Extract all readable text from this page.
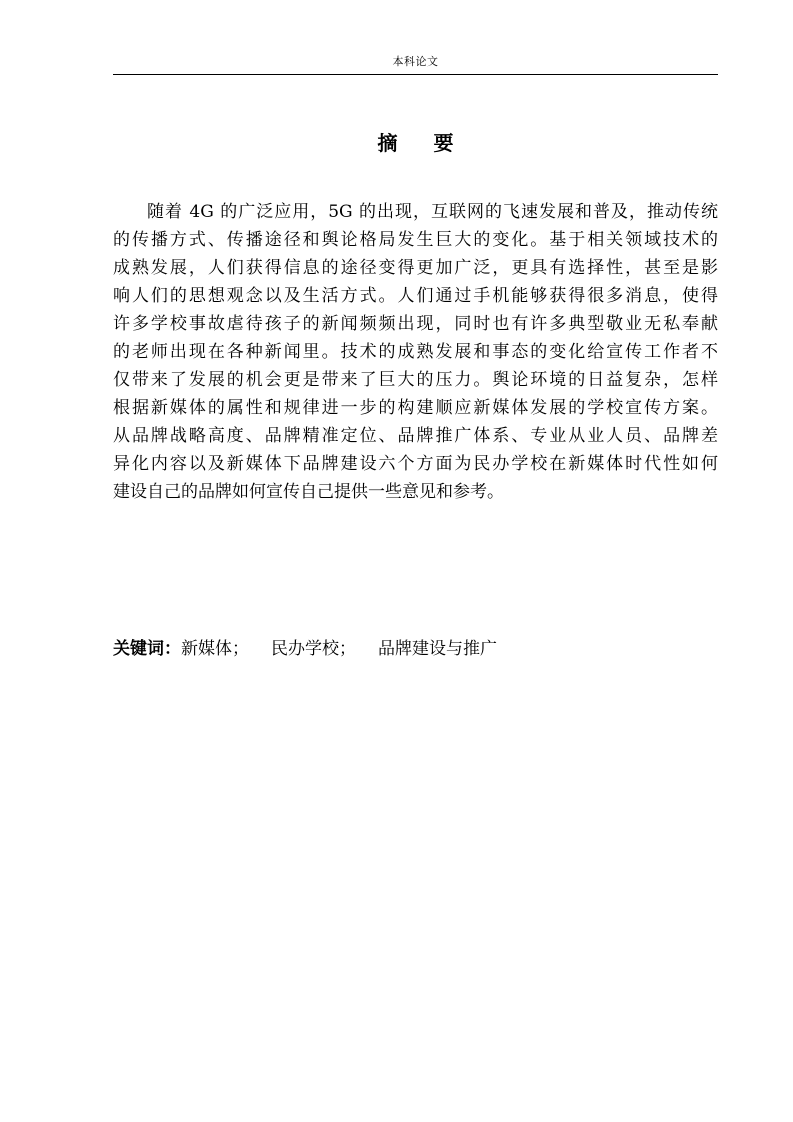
本科论文
摘 要
随着 4G 的广泛应用，5G 的出现，互联网的飞速发展和普及，推动传统
的传播方式、传播途径和舆论格局发生巨大的变化。基于相关领域技术的
成熟发展，人们获得信息的途径变得更加广泛，更具有选择性，甚至是影
响人们的思想观念以及生活方式。人们通过手机能够获得很多消息，使得
许多学校事故虐待孩子的新闻频频出现，同时也有许多典型敬业无私奉献
的老师出现在各种新闻里。技术的成熟发展和事态的变化给宣传工作者不
仅带来了发展的机会更是带来了巨大的压力。舆论环境的日益复杂，怎样
根据新媒体的属性和规律进一步的构建顺应新媒体发展的学校宣传方案。
从品牌战略高度、品牌精准定位、品牌推广体系、专业从业人员、品牌差
异化内容以及新媒体下品牌建设六个方面为民办学校在新媒体时代性如何
建设自己的品牌如何宣传自己提供一些意见和参考。
关键词：新媒体； 民办学校； 品牌建设与推广
